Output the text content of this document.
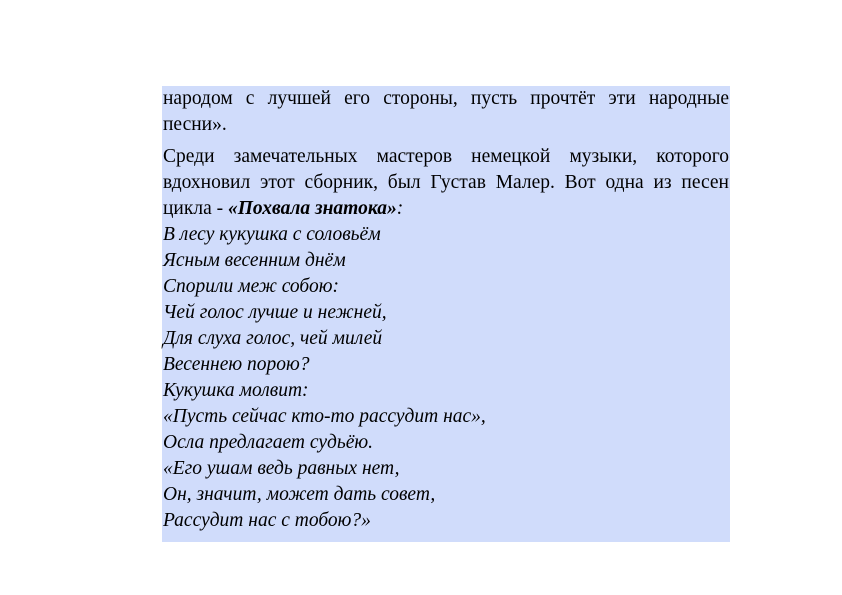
народом с лучшей его стороны, пусть прочтёт эти народные песни».

Среди замечательных мастеров немецкой музыки, которого вдохновил этот сборник, был Густав Малер. Вот одна из песен цикла - «Похвала знатока»:

В лесу кукушка с соловьём
Ясным весенним днём
Спорили меж собою:
Чей голос лучше и нежней,
Для слуха голос, чей милей
Весеннею порою?
Кукушка молвит:
«Пусть сейчас кто-то рассудит нас»,
Осла предлагает судьёю.
«Его ушам ведь равных нет,
Он, значит, может дать совет,
Рассудит нас с тобою?»
